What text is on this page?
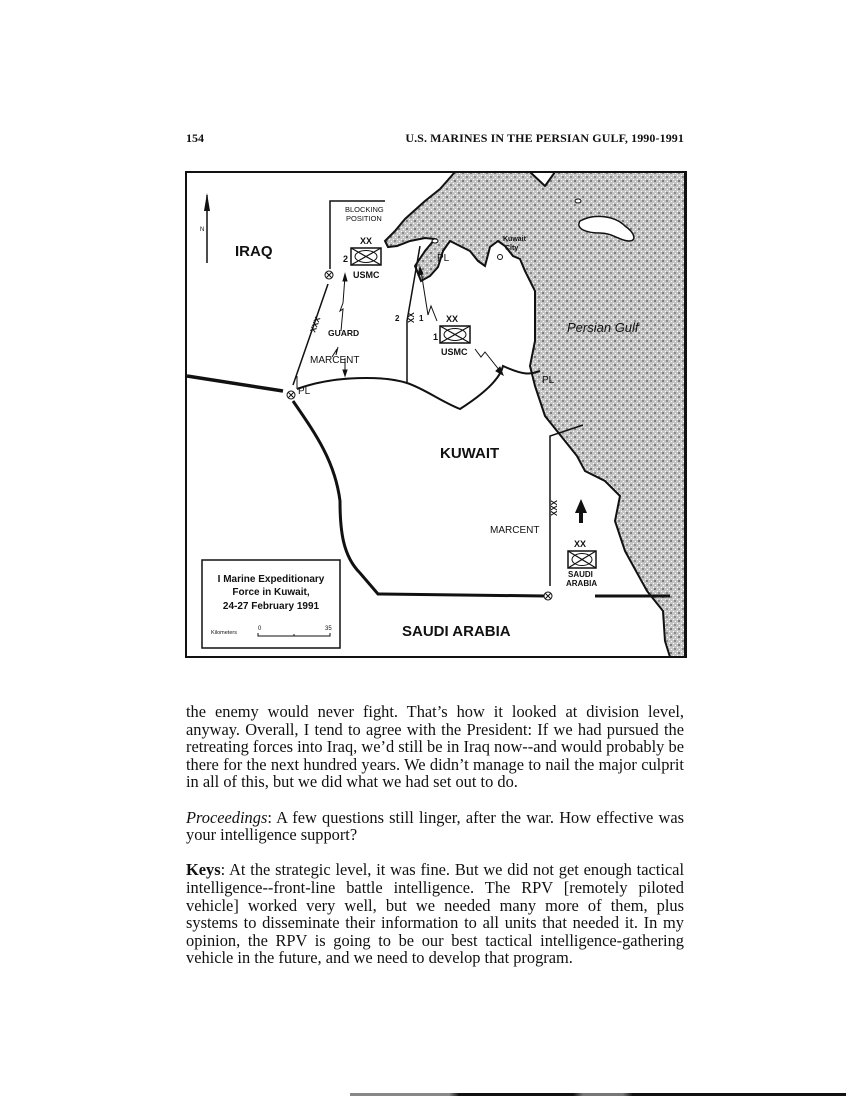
154	U.S. MARINES IN THE PERSIAN GULF, 1990-1991
N
IRAQ
KUWAIT
SAUDI ARABIA
Persian Gulf
Kuwait
City
BLOCKING
POSITION
XX
2
USMC
XX
1
USMC
XX
SAUDI
ARABIA
XXX GUARD
MARCENT
MARCENT
XXX
2 XX 1
PL
PL
PL
I Marine Expeditionary
Force in Kuwait,
24-27 February 1991
Kilometers
0	35

the enemy would never fight. That’s how it looked at division level, anyway. Overall, I tend to agree with the President: If we had pursued the retreating forces into Iraq, we’d still be in Iraq now--and would probably be there for the next hundred years. We didn’t manage to nail the major culprit in all of this, but we did what we had set out to do.

Proceedings: A few questions still linger, after the war. How effective was your intelligence support?

Keys: At the strategic level, it was fine. But we did not get enough tactical intelligence--front-line battle intelligence. The RPV [remotely piloted vehicle] worked very well, but we needed many more of them, plus systems to disseminate their information to all units that needed it. In my opinion, the RPV is going to be our best tactical intelligence-gathering vehicle in the future, and we need to develop that program.
